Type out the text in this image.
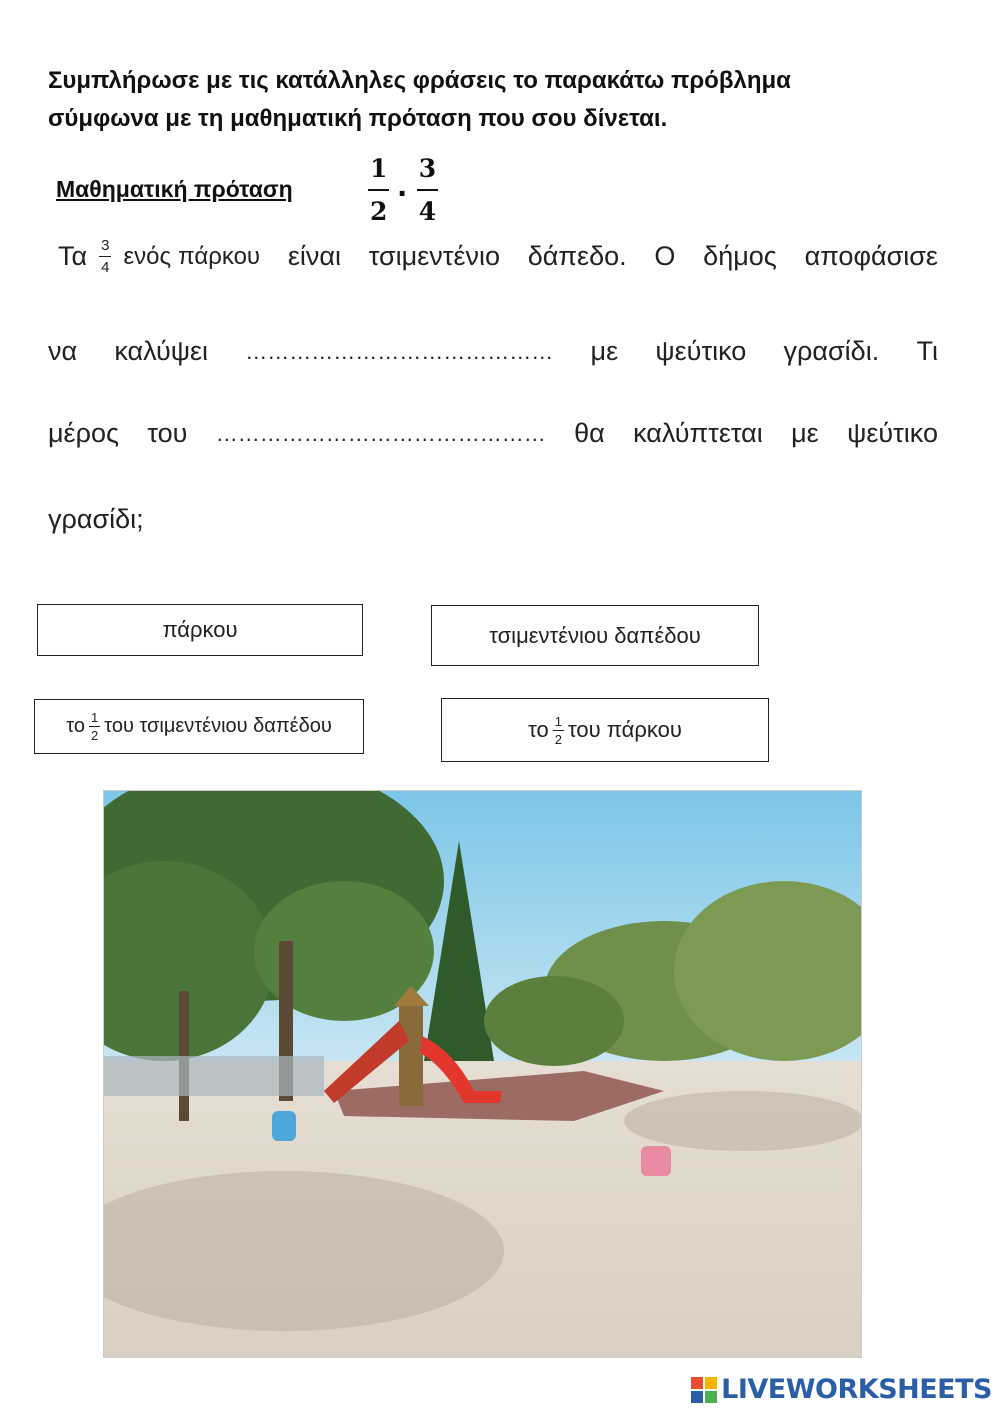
Συμπλήρωσε με τις κατάλληλες φράσεις το παρακάτω πρόβλημα
σύμφωνα με τη μαθηματική πρόταση που σου δίνεται.
Μαθηματική πρόταση	$\frac{1}{2} \cdot \frac{3}{4}$
Τα $\frac{3}{4}$ ενός πάρκου είναι τσιμεντένιο δάπεδο. Ο δήμος αποφάσισε
να καλύψει …………………………………… με ψεύτικο γρασίδι. Τι
μέρος του ……………………………………… θα καλύπτεται με ψεύτικο
γρασίδι;
πάρκου	τσιμεντένιου δαπέδου
το $\frac{1}{2}$ του τσιμεντένιου δαπέδου	το $\frac{1}{2}$ του πάρκου
LIVEWORKSHEETS
